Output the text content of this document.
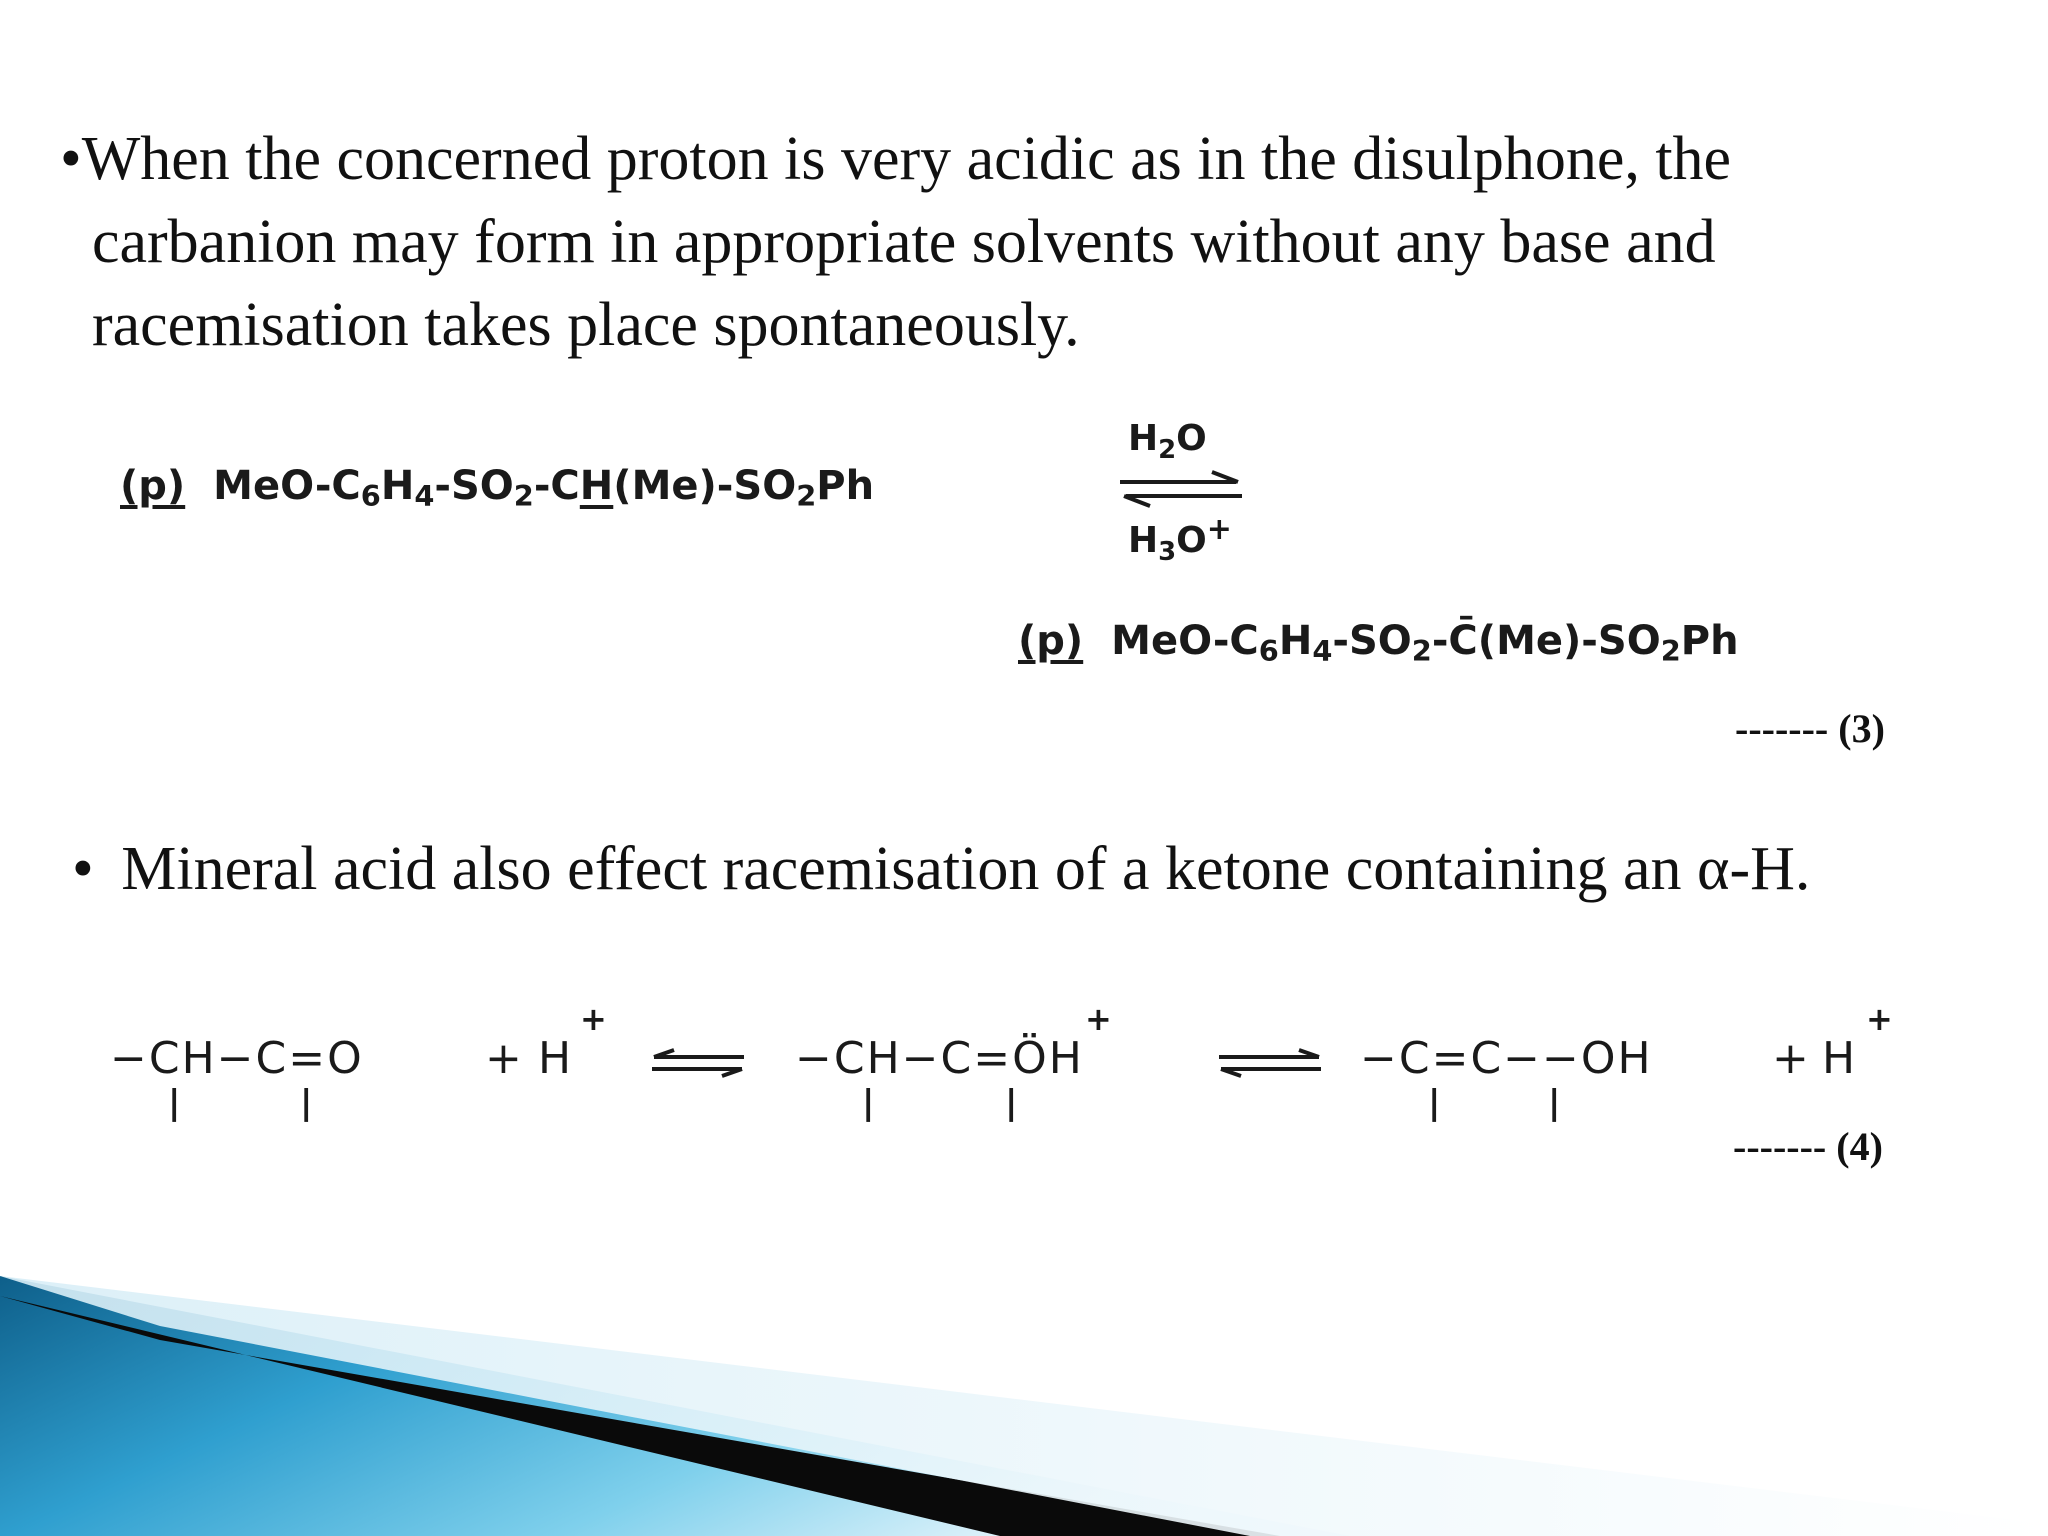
•When the concerned proton is very acidic as in the disulphone, the
carbanion may form in appropriate solvents without any base and
racemisation takes place spontaneously.
(p) MeO-$C_6H_4-SO_2-CH(Me)-SO_2Ph$
$H_2O$
$H_3O^+$
(p) MeO-$C_6H_4-SO_2-C̄(Me)-SO_2Ph$
------- (3)
• Mineral acid also effect racemisation of a ketone containing an α-H.
−CH−C=O
|	|
+ H
+
−CH−C=ÖH
+
|	|
−C=C−−OH
|	|
+ H
+
------- (4)
